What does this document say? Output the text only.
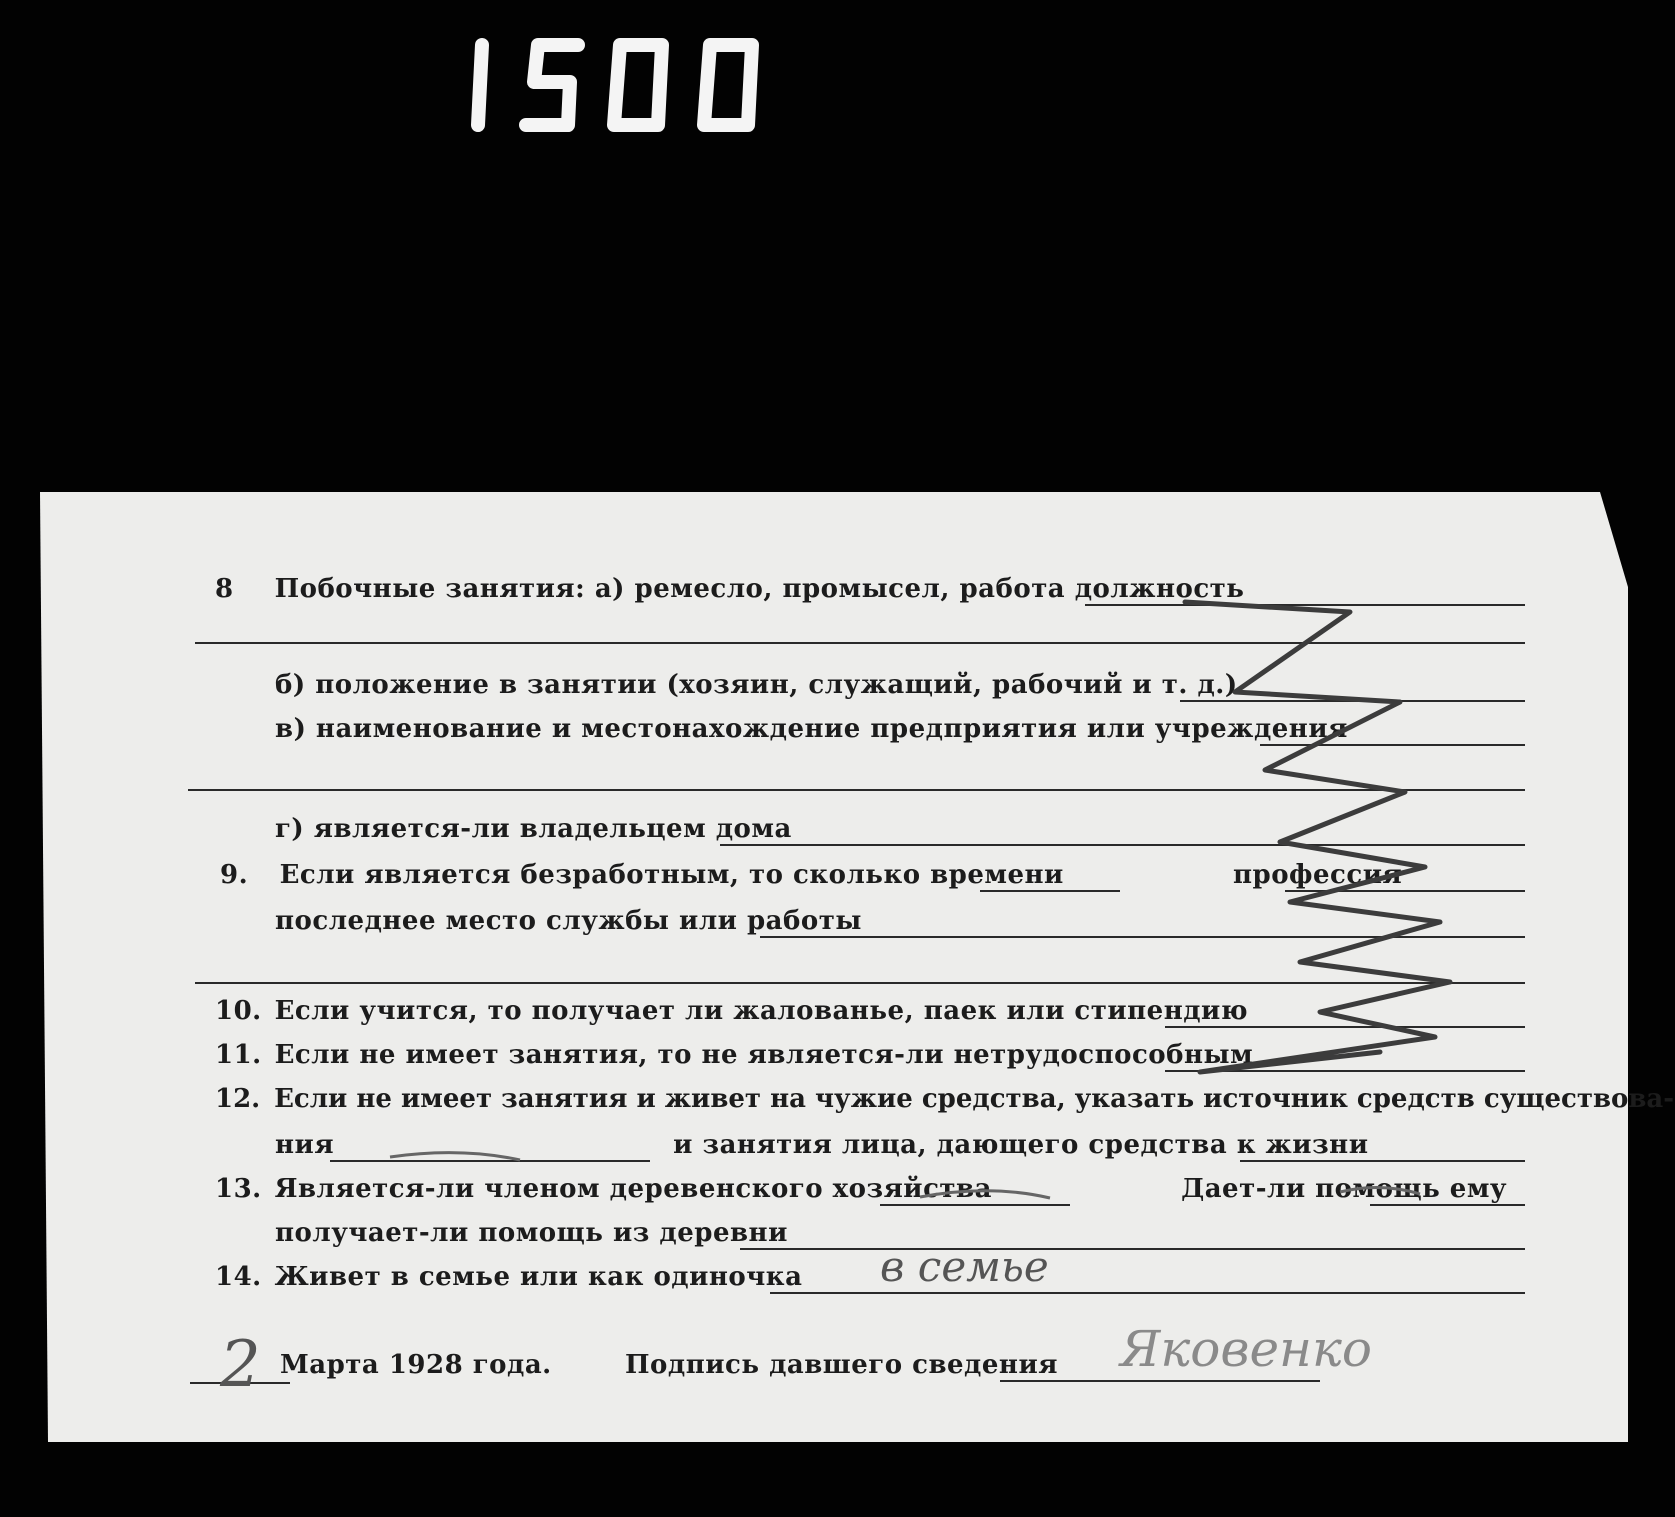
8 Побочные занятия: а) ремесло, промысел, работа должность
б) положение в занятии (хозяин, служащий, рабочий и т. д.)
в) наименование и местонахождение предприятия или учреждения
г) является-ли владельцем дома
9. Если является безработным, то сколько времени	профессия
последнее место службы или работы
10. Если учится, то получает ли жалованье, паек или стипендию
11. Если не имеет занятия, то не является-ли нетрудоспособным
12. Если не имеет занятия и живет на чужие средства, указать источник средств существова-
ния	и занятия лица, дающего средства к жизни
13. Является-ли членом деревенского хозяйства	Дает-ли помощь ему
получает-ли помощь из деревни
14. Живет в семье или как одиночка в семье
Марта 1928 года.
2	Подпись давшего сведения Яковенко
